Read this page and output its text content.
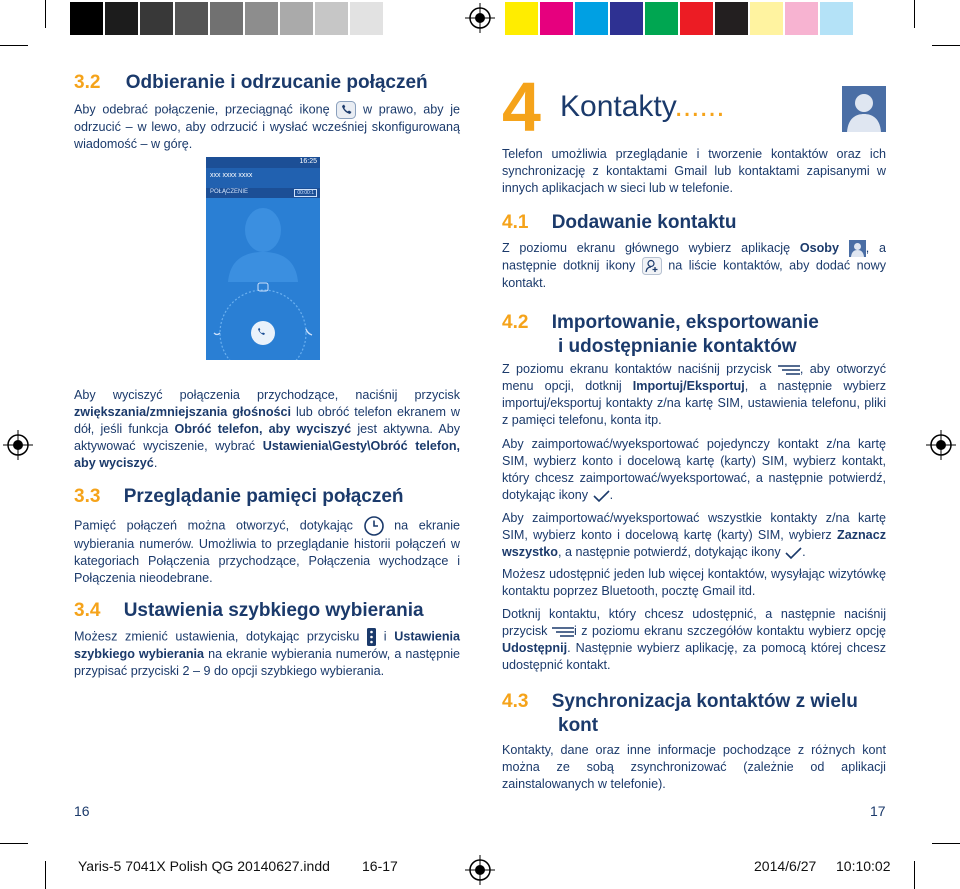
3.2 Odbieranie i odrzucanie połączeń
Aby odebrać połączenie, przeciągnąć ikonę	w prawo, aby je odrzucić – w lewo, aby odrzucić i wysłać wcześniej skonfigurowaną wiadomość – w górę.
16:25
xxx xxxx xxxx
POŁĄCZENIE	00:00:1
Aby wyciszyć połączenia przychodzące, naciśnij przycisk zwiększania/zmniejszania głośności lub obróć telefon ekranem w dół, jeśli funkcja Obróć telefon, aby wyciszyć jest aktywna. Aby aktywować wyciszenie, wybrać Ustawienia\Gesty\Obróć telefon, aby wyciszyć.
3.3 Przeglądanie pamięci połączeń
Pamięć połączeń można otworzyć, dotykając	na ekranie wybierania numerów. Umożliwia to przeglądanie historii połączeń w kategoriach Połączenia przychodzące, Połączenia wychodzące i Połączenia nieodebrane.
3.4 Ustawienia szybkiego wybierania
Możesz zmienić ustawienia, dotykając przycisku i Ustawienia szybkiego wybierania na ekranie wybierania numerów, a następnie przypisać przyciski 2 – 9 do opcji szybkiego wybierania.
16
4 Kontakty......
Telefon umożliwia przeglądanie i tworzenie kontaktów oraz ich synchronizację z kontaktami Gmail lub kontaktami zapisanymi w innych aplikacjach w sieci lub w telefonie.
4.1 Dodawanie kontaktu
Z poziomu ekranu głównego wybierz aplikację Osoby , a następnie dotknij ikony	na liście kontaktów, aby dodać nowy kontakt.
4.2 Importowanie, eksportowanie
i udostępnianie kontaktów
Z poziomu ekranu kontaktów naciśnij przycisk , aby otworzyć menu opcji, dotknij Importuj/Eksportuj, a następnie wybierz importuj/eksportuj kontakty z/na kartę SIM, ustawienia telefonu, pliki z pamięci telefonu, konta itp.
Aby zaimportować/wyeksportować pojedynczy kontakt z/na kartę SIM, wybierz konto i docelową kartę (karty) SIM, wybierz kontakt, który chcesz zaimportować/wyeksportować, a następnie potwierdź, dotykając ikony .
Aby zaimportować/wyeksportować wszystkie kontakty z/na kartę SIM, wybierz konto i docelową kartę (karty) SIM, wybierz Zaznacz wszystko, a następnie potwierdź, dotykając ikony .
Możesz udostępnić jeden lub więcej kontaktów, wysyłając wizytówkę kontaktu poprzez Bluetooth, pocztę Gmail itd.
Dotknij kontaktu, który chcesz udostępnić, a następnie naciśnij przycisk i z poziomu ekranu szczegółów kontaktu wybierz opcję Udostępnij. Następnie wybierz aplikację, za pomocą której chcesz udostępnić kontakt.
4.3 Synchronizacja kontaktów z wielu
kont
Kontakty, dane oraz inne informacje pochodzące z różnych kont można ze sobą zsynchronizować (zależnie od aplikacji zainstalowanych w telefonie).
17
Yaris-5 7041X Polish QG 20140627.indd 16-17	2014/6/27 10:10:02
